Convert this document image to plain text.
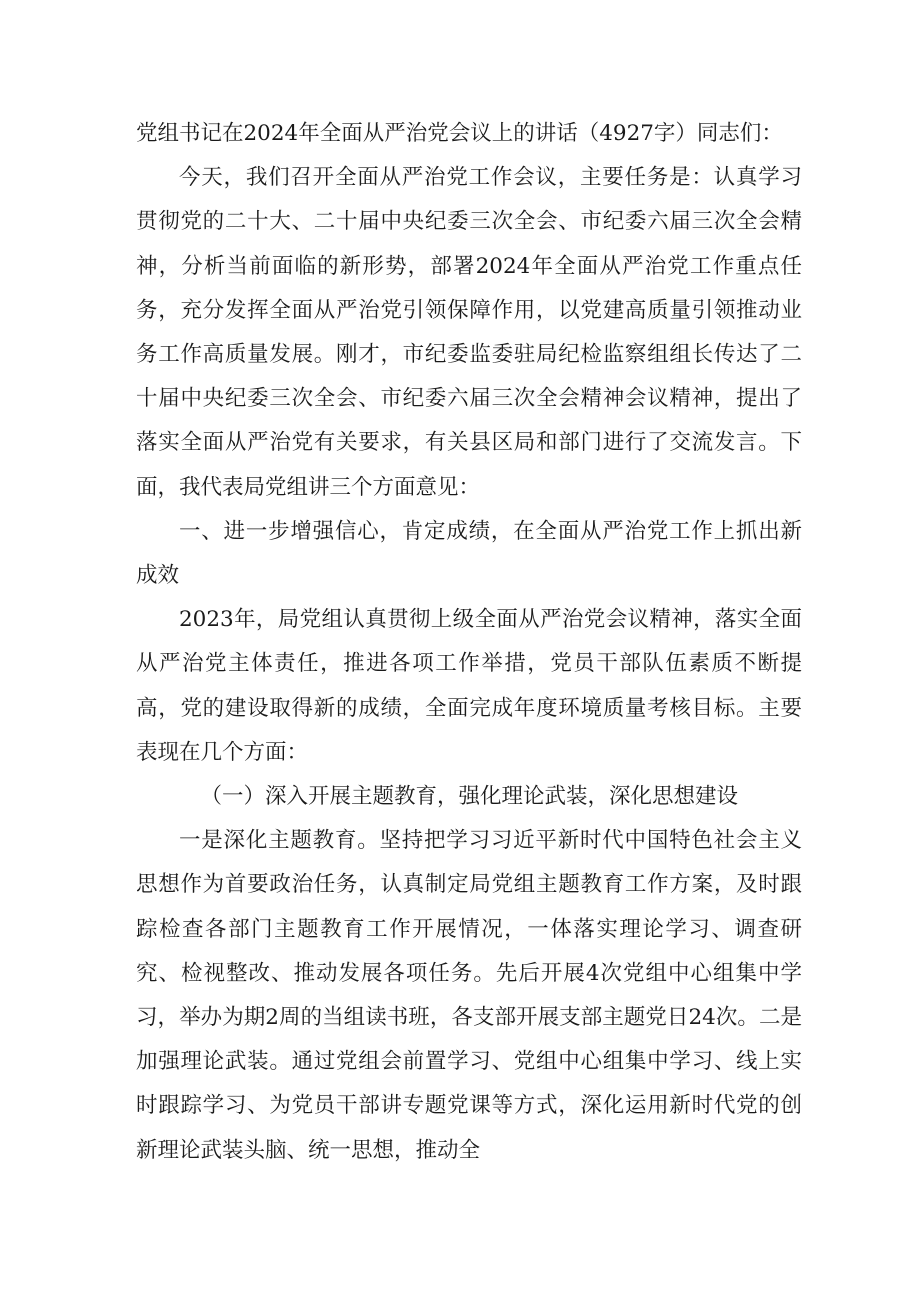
党组书记在2024年全面从严治党会议上的讲话（4927字）同志们：

今天，我们召开全面从严治党工作会议，主要任务是：认真学习贯彻党的二十大、二十届中央纪委三次全会、市纪委六届三次全会精神，分析当前面临的新形势，部署2024年全面从严治党工作重点任务，充分发挥全面从严治党引领保障作用，以党建高质量引领推动业务工作高质量发展。刚才，市纪委监委驻局纪检监察组组长传达了二十届中央纪委三次全会、市纪委六届三次全会精神会议精神，提出了落实全面从严治党有关要求，有关县区局和部门进行了交流发言。下面，我代表局党组讲三个方面意见：

一、进一步增强信心，肯定成绩，在全面从严治党工作上抓出新成效

2023年，局党组认真贯彻上级全面从严治党会议精神，落实全面从严治党主体责任，推进各项工作举措，党员干部队伍素质不断提高，党的建设取得新的成绩，全面完成年度环境质量考核目标。主要表现在几个方面：

（一）深入开展主题教育，强化理论武装，深化思想建设

一是深化主题教育。坚持把学习习近平新时代中国特色社会主义思想作为首要政治任务，认真制定局党组主题教育工作方案，及时跟踪检查各部门主题教育工作开展情况，一体落实理论学习、调查研究、检视整改、推动发展各项任务。先后开展4次党组中心组集中学习，举办为期2周的当组读书班，各支部开展支部主题党日24次。二是加强理论武装。通过党组会前置学习、党组中心组集中学习、线上实时跟踪学习、为党员干部讲专题党课等方式，深化运用新时代党的创新理论武装头脑、统一思想，推动全
